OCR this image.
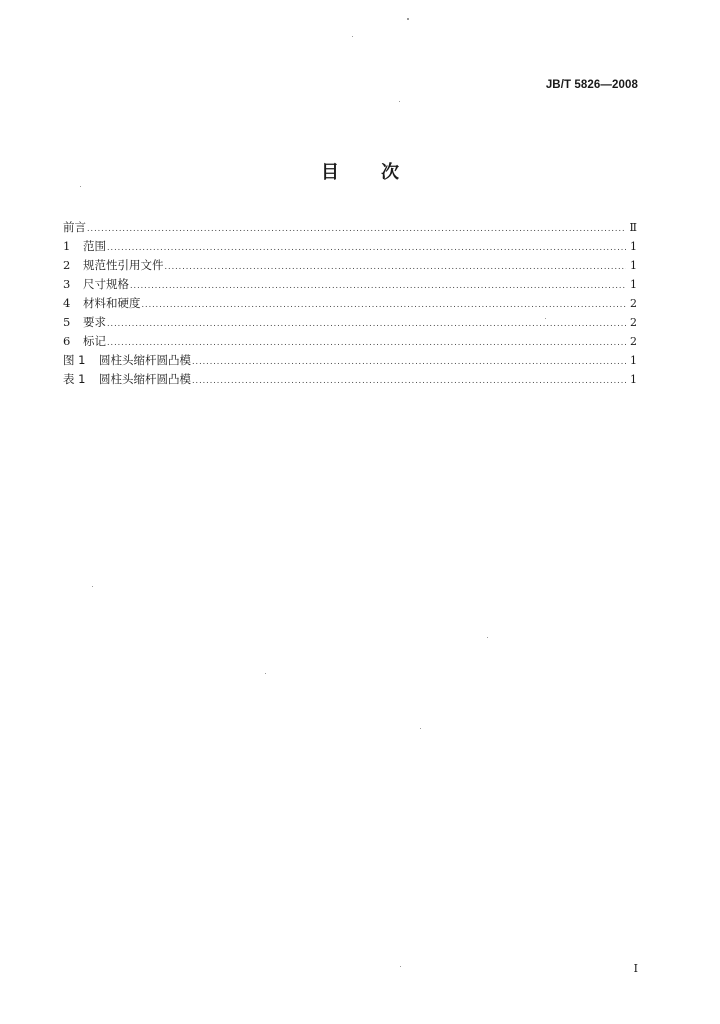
JB/T 5826—2008
目 次
前言 .....	Ⅱ
1	范围 .....	1
2	规范性引用文件 .....	1
3	尺寸规格 .....	1
4	材料和硬度 .....	2
5	要求 .....	2
6	标记 .....	2
图 1	圆柱头缩杆圆凸模 .....	1
表 1	圆柱头缩杆圆凸模 .....	1
I
